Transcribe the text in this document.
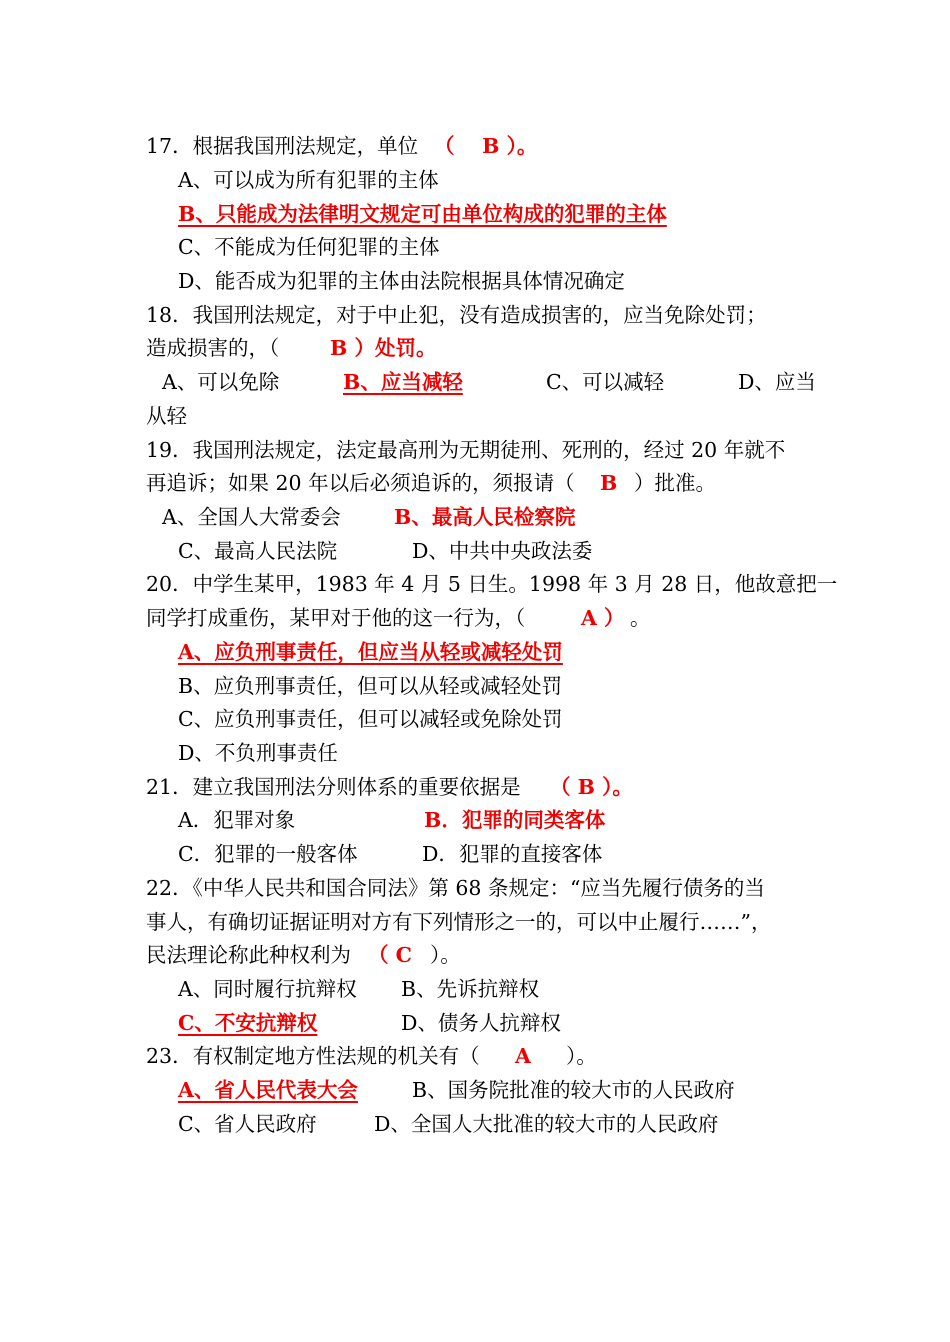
17．根据我国刑法规定，单位 （　 B ）。
A、可以成为所有犯罪的主体
B、只能成为法律明文规定可由单位构成的犯罪的主体
C、不能成为任何犯罪的主体
D、能否成为犯罪的主体由法院根据具体情况确定
18．我国刑法规定，对于中止犯，没有造成损害的，应当免除处罚；
造成损害的，（ B ）处罚。
A、可以免除	B、应当减轻	C、可以减轻	D、应当
从轻
19．我国刑法规定，法定最高刑为无期徒刑、死刑的，经过 20 年就不
再追诉；如果 20 年以后必须追诉的，须报请（ B ）批准。
A、全国人大常委会	B、最高人民检察院
C、最高人民法院	D、中共中央政法委
20．中学生某甲，1983 年 4 月 5 日生。1998 年 3 月 28 日，他故意把一
同学打成重伤，某甲对于他的这一行为，（	A ） 。
A、应负刑事责任，但应当从轻或减轻处罚
B、应负刑事责任，但可以从轻或减轻处罚
C、应负刑事责任，但可以减轻或免除处罚
D、不负刑事责任
21．建立我国刑法分则体系的重要依据是 （ B ）。
A．犯罪对象	B．犯罪的同类客体
C．犯罪的一般客体	D．犯罪的直接客体
22．《中华人民共和国合同法》第 68 条规定：“应当先履行债务的当
事人，有确切证据证明对方有下列情形之一的，可以中止履行……”，
民法理论称此种权利为 （ C ）。
A、同时履行抗辩权 B、先诉抗辩权
C、不安抗辩权	D、债务人抗辩权
23．有权制定地方性法规的机关有（ A ）。
A、省人民代表大会	B、国务院批准的较大市的人民政府
C、省人民政府	D、全国人大批准的较大市的人民政府
